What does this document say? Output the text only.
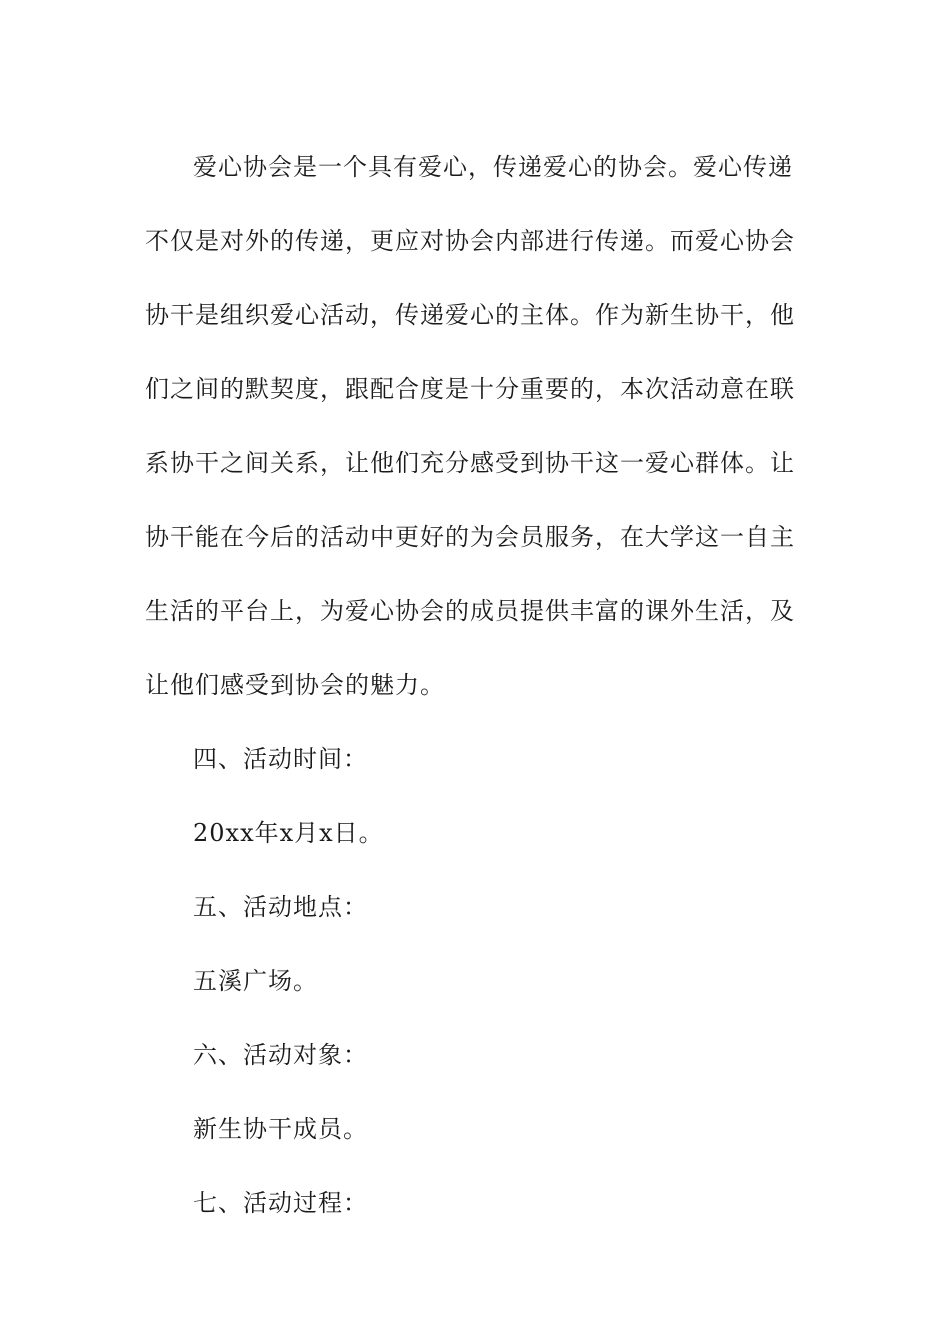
爱心协会是一个具有爱心，传递爱心的协会。爱心传递不仅是对外的传递，更应对协会内部进行传递。而爱心协会协干是组织爱心活动，传递爱心的主体。作为新生协干，他们之间的默契度，跟配合度是十分重要的，本次活动意在联系协干之间关系，让他们充分感受到协干这一爱心群体。让协干能在今后的活动中更好的为会员服务，在大学这一自主生活的平台上，为爱心协会的成员提供丰富的课外生活，及让他们感受到协会的魅力。

四、活动时间：

20xx年x月x日。

五、活动地点：

五溪广场。

六、活动对象：

新生协干成员。

七、活动过程：
